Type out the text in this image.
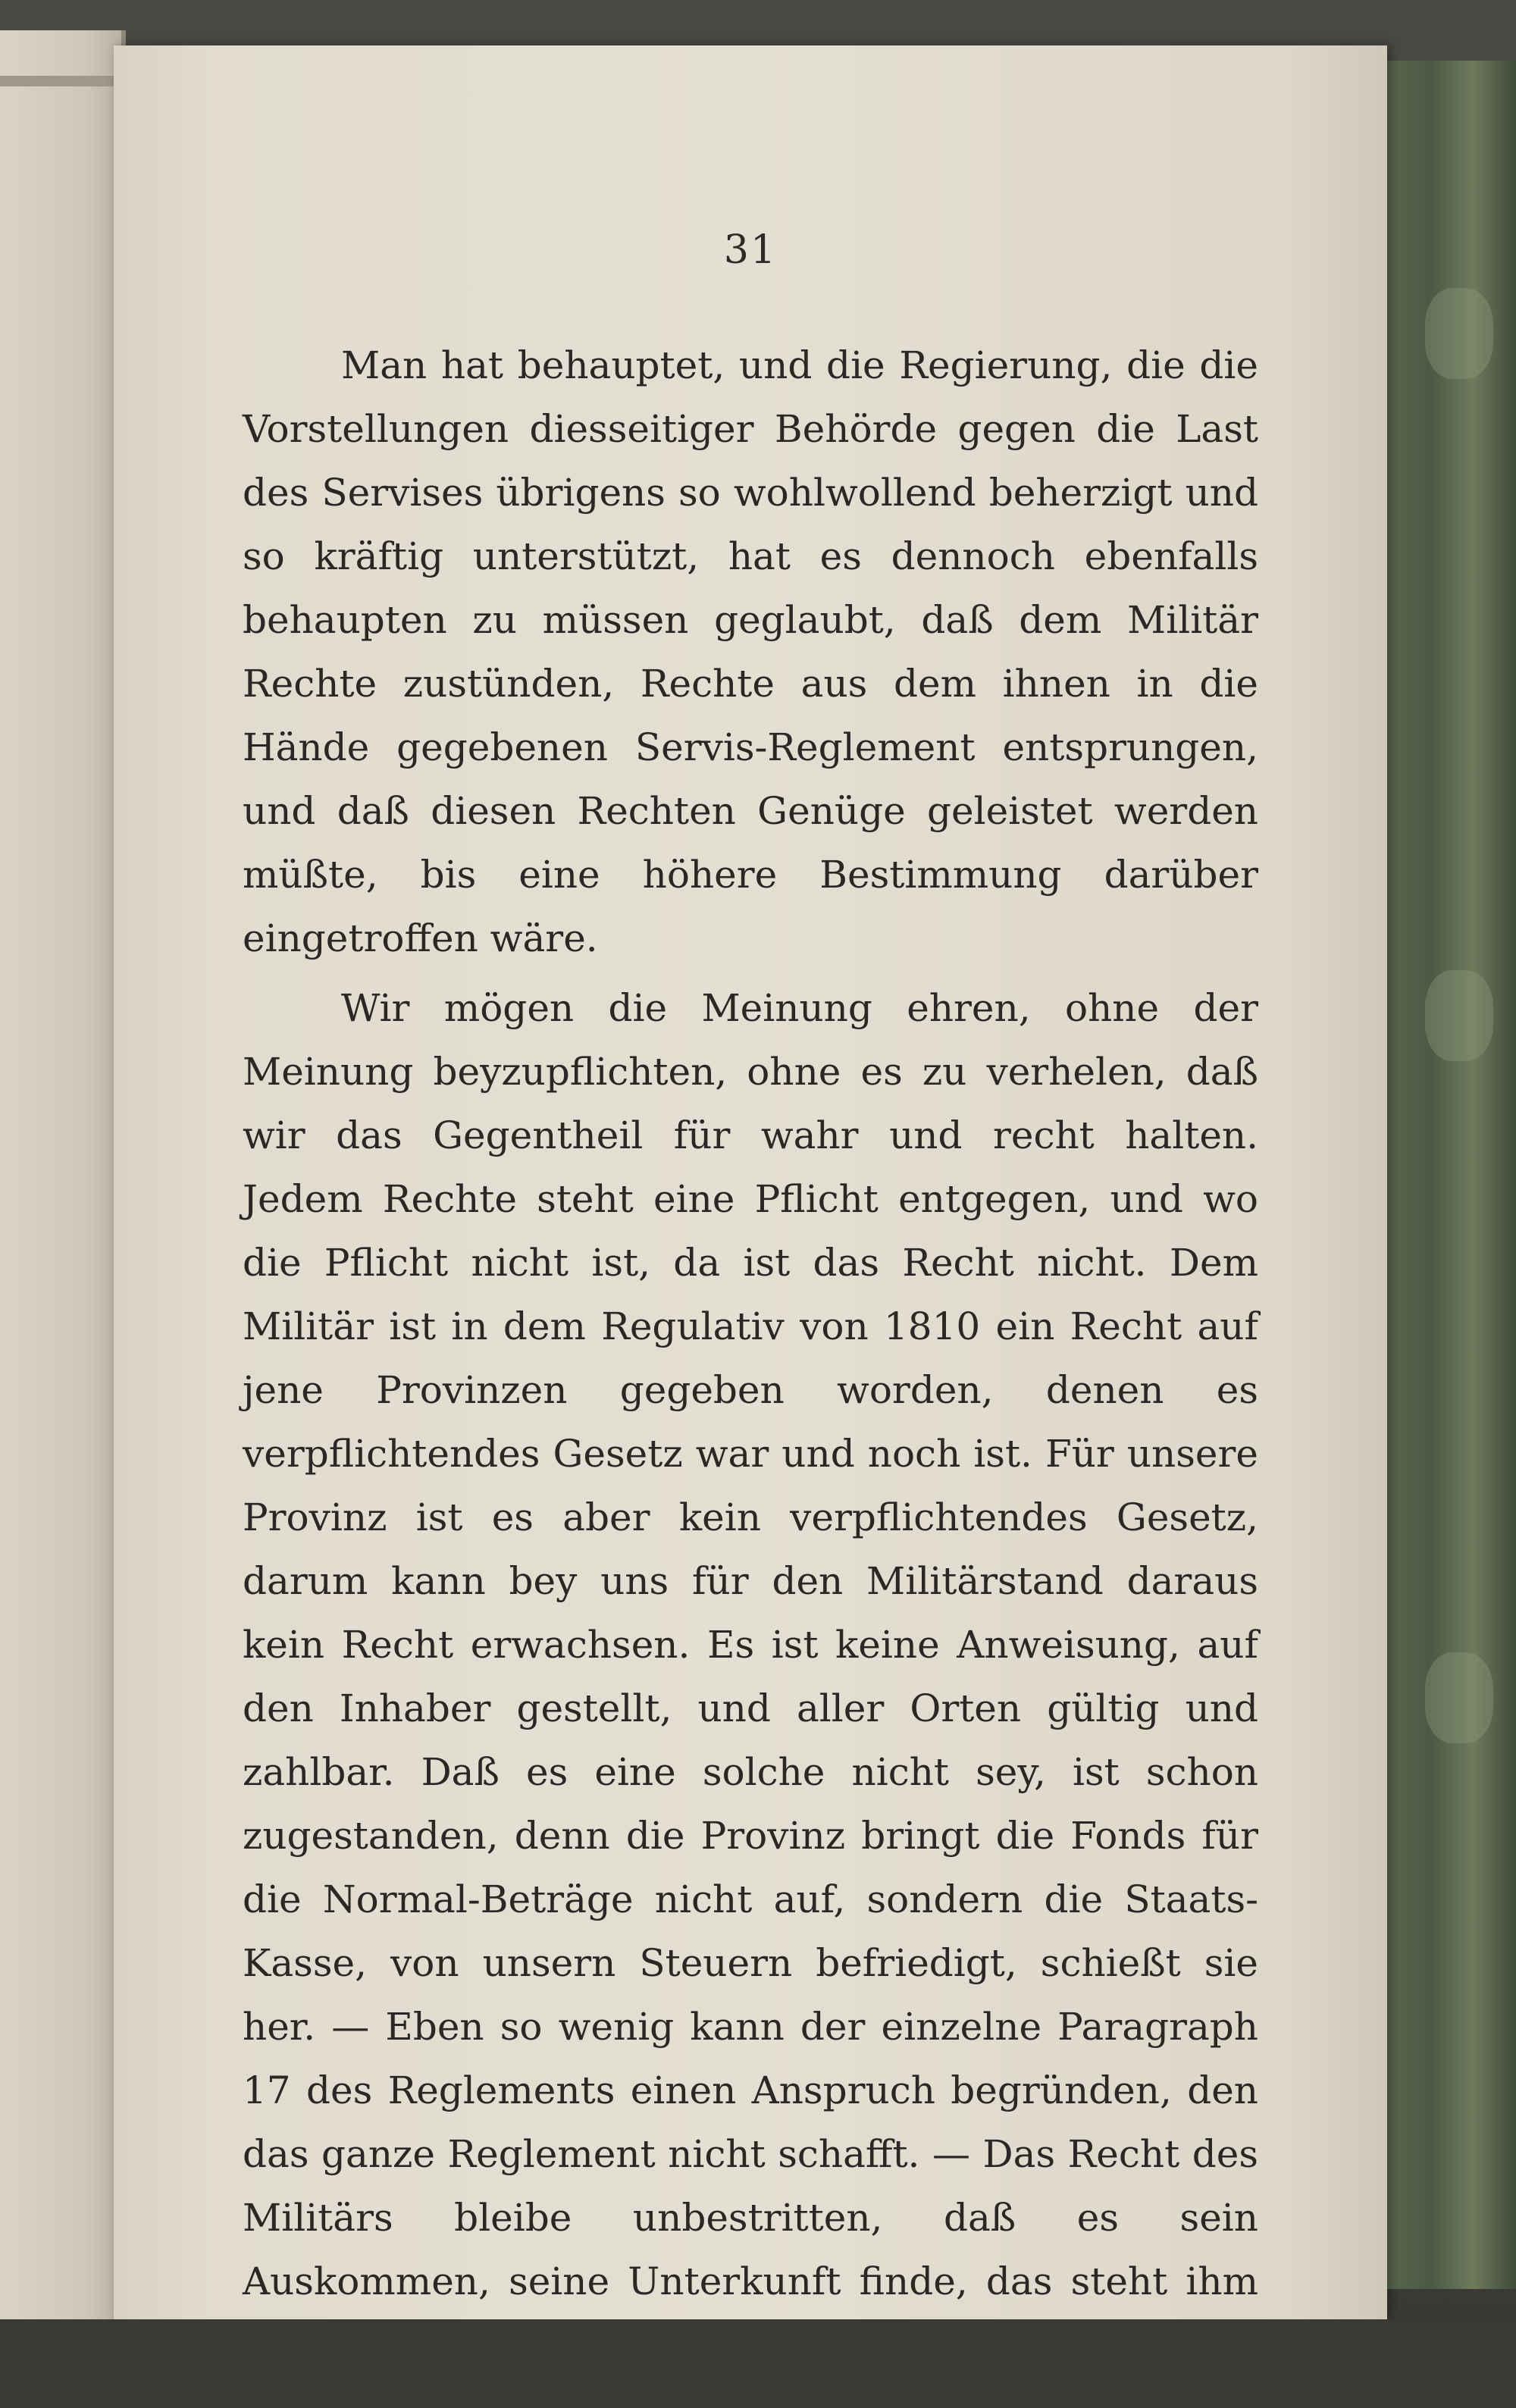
31

Man hat behauptet, und die Regierung, die die Vorstellungen diesseitiger Behörde gegen die Last des Servises übrigens so wohlwollend beherzigt und so kräftig unterstützt, hat es dennoch ebenfalls behaupten zu müssen geglaubt, daß dem Militär Rechte zustünden, Rechte aus dem ihnen in die Hände gegebenen Servis-Reglement entsprungen, und daß diesen Rechten Genüge geleistet werden müßte, bis eine höhere Bestimmung darüber eingetroffen wäre.

Wir mögen die Meinung ehren, ohne der Meinung beyzupflichten, ohne es zu verhelen, daß wir das Gegentheil für wahr und recht halten. Jedem Rechte steht eine Pflicht entgegen, und wo die Pflicht nicht ist, da ist das Recht nicht. Dem Militär ist in dem Regulativ von 1810 ein Recht auf jene Provinzen gegeben worden, denen es verpflichtendes Gesetz war und noch ist. Für unsere Provinz ist es aber kein verpflichtendes Gesetz, darum kann bey uns für den Militärstand daraus kein Recht erwachsen. Es ist keine Anweisung, auf den Inhaber gestellt, und aller Orten gültig und zahlbar. Daß es eine solche nicht sey, ist schon zugestanden, denn die Provinz bringt die Fonds für die Normal-Beträge nicht auf, sondern die Staats-Kasse, von unsern Steuern befriedigt, schießt sie her. — Eben so wenig kann der einzelne Paragraph 17 des Reglements einen Anspruch begründen, den das ganze Reglement nicht schafft. — Das Recht des Militärs bleibe unbestritten, daß es sein Auskommen, seine Unterkunft finde, das steht ihm
